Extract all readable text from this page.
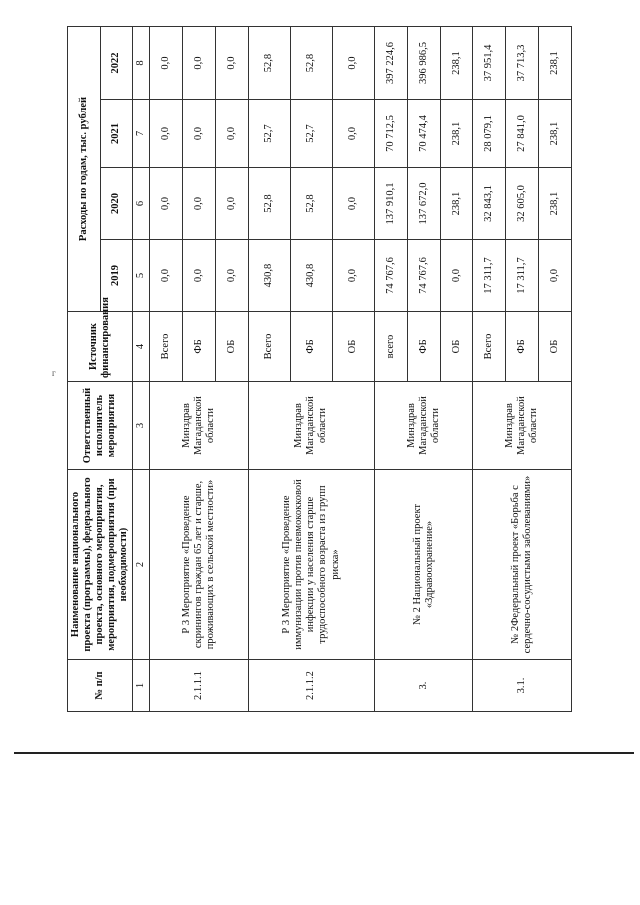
№ п/п	Наименование национального проекта (программы), федерального проекта, основного мероприятия, мероприятия, подмероприятия (при необходимости)	Ответственный исполнитель мероприятия	Источник финансирования	Расходы по годам, тыс. рублей			
				2019	2020	2021	2022
1	2	3	4	5	6	7	8
2.1.1.1	Р 3 Мероприятие «Проведение скринингов граждан 65 лет и старше, проживающих в сельской местности»	Минздрав Магаданской области	Всего	0,0	0,0	0,0	0,0
			ФБ	0,0	0,0	0,0	0,0
			ОБ	0,0	0,0	0,0	0,0
2.1.1.2	Р 3 Мероприятие «Проведение иммунизации против пневмококковой инфекции у населения старше трудоспособного возраста из групп риска»	Минздрав Магаданской области	Всего	430,8	52,8	52,7	52,8
			ФБ	430,8	52,8	52,7	52,8
			ОБ	0,0	0,0	0,0	0,0
3.	№ 2 Национальный проект «Здравоохранение»	Минздрав Магаданской области	всего	74 767,6	137 910,1	70 712,5	397 224,6
			ФБ	74 767,6	137 672,0	70 474,4	396 986,5
			ОБ	0,0	238,1	238,1	238,1
3.1.	№ 2Федеральный проект «Борьба с сердечно-сосудистыми заболеваниями»	Минздрав Магаданской области	Всего	17 311,7	32 843,1	28 079,1	37 951,4
			ФБ	17 311,7	32 605,0	27 841,0	37 713,3
			ОБ	0,0	238,1	238,1	238,1
г
